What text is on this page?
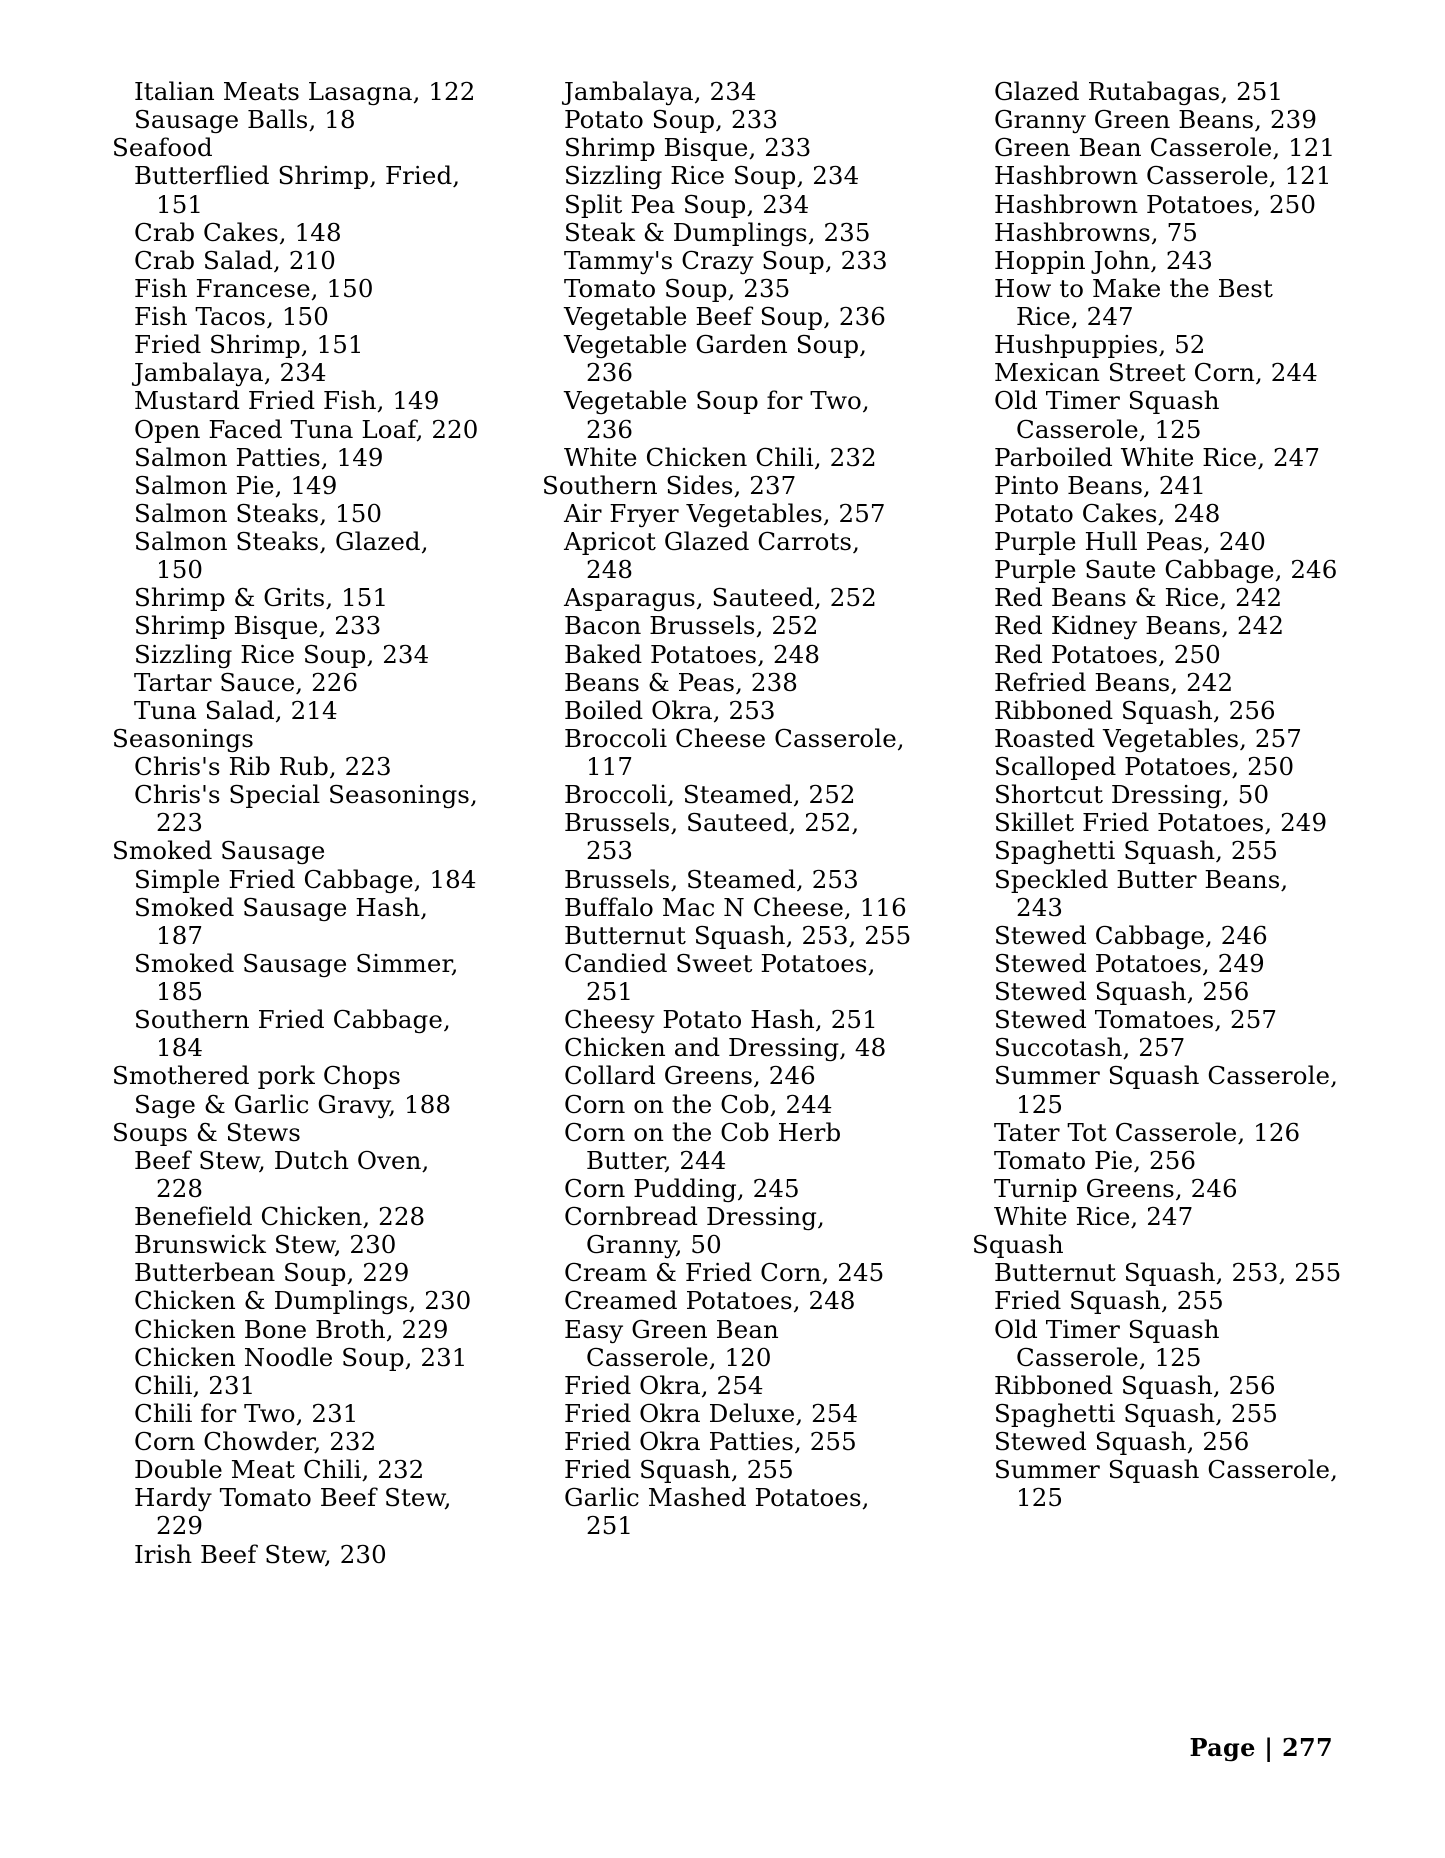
Italian Meats Lasagna, 122

Sausage Balls, 18

Seafood

Butterflied Shrimp, Fried, 151

Crab Cakes, 148

Crab Salad, 210

Fish Francese, 150

Fish Tacos, 150

Fried Shrimp, 151

Jambalaya, 234

Mustard Fried Fish, 149

Open Faced Tuna Loaf, 220

Salmon Patties, 149

Salmon Pie, 149

Salmon Steaks, 150

Salmon Steaks, Glazed, 150

Shrimp & Grits, 151

Shrimp Bisque, 233

Sizzling Rice Soup, 234

Tartar Sauce, 226

Tuna Salad, 214

Seasonings

Chris's Rib Rub, 223

Chris's Special Seasonings, 223

Smoked Sausage

Simple Fried Cabbage, 184

Smoked Sausage Hash, 187

Smoked Sausage Simmer, 185

Southern Fried Cabbage, 184

Smothered pork Chops

Sage & Garlic Gravy, 188

Soups & Stews

Beef Stew, Dutch Oven, 228

Benefield Chicken, 228

Brunswick Stew, 230

Butterbean Soup, 229

Chicken & Dumplings, 230

Chicken Bone Broth, 229

Chicken Noodle Soup, 231

Chili, 231

Chili for Two, 231

Corn Chowder, 232

Double Meat Chili, 232

Hardy Tomato Beef Stew, 229

Irish Beef Stew, 230

Jambalaya, 234

Potato Soup, 233

Shrimp Bisque, 233

Sizzling Rice Soup, 234

Split Pea Soup, 234

Steak & Dumplings, 235

Tammy's Crazy Soup, 233

Tomato Soup, 235

Vegetable Beef Soup, 236

Vegetable Garden Soup, 236

Vegetable Soup for Two, 236

White Chicken Chili, 232

Southern Sides, 237

Air Fryer Vegetables, 257

Apricot Glazed Carrots, 248

Asparagus, Sauteed, 252

Bacon Brussels, 252

Baked Potatoes, 248

Beans & Peas, 238

Boiled Okra, 253

Broccoli Cheese Casserole, 117

Broccoli, Steamed, 252

Brussels, Sauteed, 252, 253

Brussels, Steamed, 253

Buffalo Mac N Cheese, 116

Butternut Squash, 253, 255

Candied Sweet Potatoes, 251

Cheesy Potato Hash, 251

Chicken and Dressing, 48

Collard Greens, 246

Corn on the Cob, 244

Corn on the Cob Herb Butter, 244

Corn Pudding, 245

Cornbread Dressing, Granny, 50

Cream & Fried Corn, 245

Creamed Potatoes, 248

Easy Green Bean Casserole, 120

Fried Okra, 254

Fried Okra Deluxe, 254

Fried Okra Patties, 255

Fried Squash, 255

Garlic Mashed Potatoes, 251

Glazed Rutabagas, 251

Granny Green Beans, 239

Green Bean Casserole, 121

Hashbrown Casserole, 121

Hashbrown Potatoes, 250

Hashbrowns, 75

Hoppin John, 243

How to Make the Best Rice, 247

Hushpuppies, 52

Mexican Street Corn, 244

Old Timer Squash Casserole, 125

Parboiled White Rice, 247

Pinto Beans, 241

Potato Cakes, 248

Purple Hull Peas, 240

Purple Saute Cabbage, 246

Red Beans & Rice, 242

Red Kidney Beans, 242

Red Potatoes, 250

Refried Beans, 242

Ribboned Squash, 256

Roasted Vegetables, 257

Scalloped Potatoes, 250

Shortcut Dressing, 50

Skillet Fried Potatoes, 249

Spaghetti Squash, 255

Speckled Butter Beans, 243

Stewed Cabbage, 246

Stewed Potatoes, 249

Stewed Squash, 256

Stewed Tomatoes, 257

Succotash, 257

Summer Squash Casserole, 125

Tater Tot Casserole, 126

Tomato Pie, 256

Turnip Greens, 246

White Rice, 247

Squash

Butternut Squash, 253, 255

Fried Squash, 255

Old Timer Squash Casserole, 125

Ribboned Squash, 256

Spaghetti Squash, 255

Stewed Squash, 256

Summer Squash Casserole, 125

Page | 277
